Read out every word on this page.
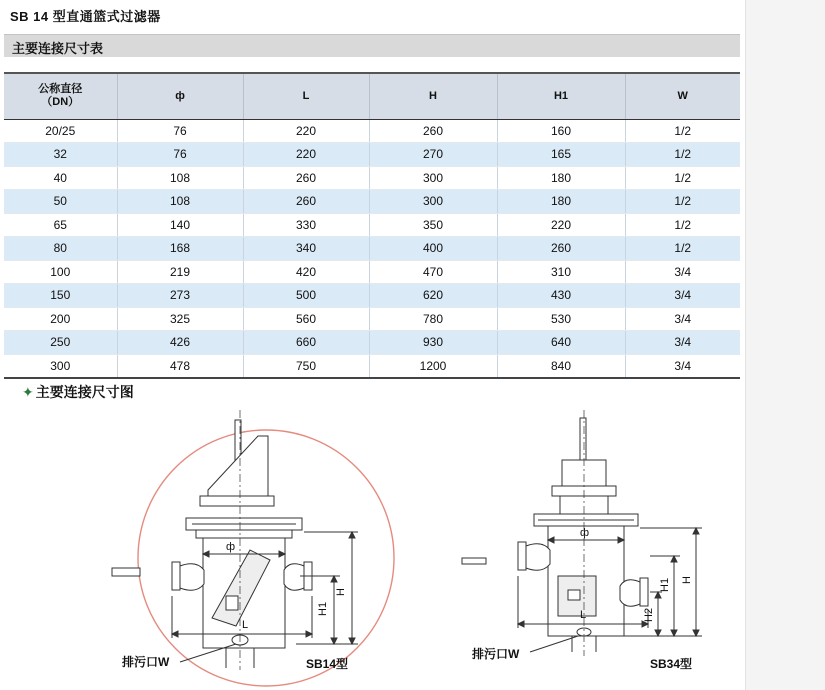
SB 14 型直通篮式过滤器
主要连接尺寸表
公称直径
（DN）	ф	L	H	H1	W
20/25	76	220	260	160	1/2
32	76	220	270	165	1/2
40	108	260	300	180	1/2
50	108	260	300	180	1/2
65	140	330	350	220	1/2
80	168	340	400	260	1/2
100	219	420	470	310	3/4
150	273	500	620	430	3/4
200	325	560	780	530	3/4
250	426	660	930	640	3/4
300	478	750	1200	840	3/4
✦ 主要连接尺寸图
ф
L
H
H1
排污口W	SB14型
ф
L
H
H1
H2
排污口W
SB34型
